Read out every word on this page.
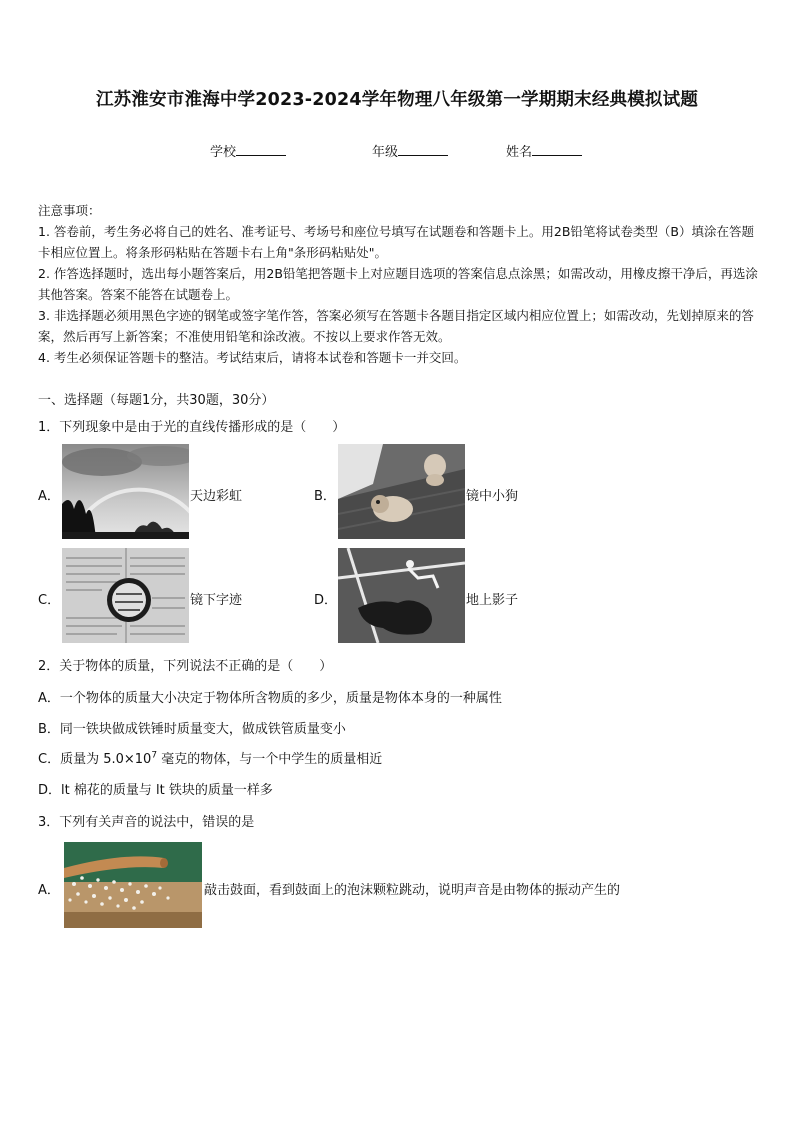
江苏淮安市淮海中学2023-2024学年物理八年级第一学期期末经典模拟试题
学校	年级	姓名

注意事项：

1. 答卷前，考生务必将自己的姓名、准考证号、考场号和座位号填写在试题卷和答题卡上。用2B铅笔将试卷类型（B）填涂在答题卡相应位置上。将条形码粘贴在答题卡右上角"条形码粘贴处"。

2. 作答选择题时，选出每小题答案后，用2B铅笔把答题卡上对应题目选项的答案信息点涂黑；如需改动，用橡皮擦干净后，再选涂其他答案。答案不能答在试题卷上。

3. 非选择题必须用黑色字迹的钢笔或签字笔作答，答案必须写在答题卡各题目指定区域内相应位置上；如需改动，先划掉原来的答案，然后再写上新答案；不准使用铅笔和涂改液。不按以上要求作答无效。

4. 考生必须保证答题卡的整洁。考试结束后，请将本试卷和答题卡一并交回。

一、选择题（每题1分，共30题，30分）
1．下列现象中是由于光的直线传播形成的是（　　）
A．	天边彩虹	B．	镜中小狗
C．	镜下字迹	D．	地上影子
2．关于物体的质量，下列说法不正确的是（　　）
A．一个物体的质量大小决定于物体所含物质的多少，质量是物体本身的一种属性
B．同一铁块做成铁锤时质量变大，做成铁管质量变小
C．质量为 $5.0\times 10^7$ 毫克的物体，与一个中学生的质量相近
D．lt 棉花的质量与 lt 铁块的质量一样多
3．下列有关声音的说法中，错误的是
A．	敲击鼓面，看到鼓面上的泡沫颗粒跳动，说明声音是由物体的振动产生的
